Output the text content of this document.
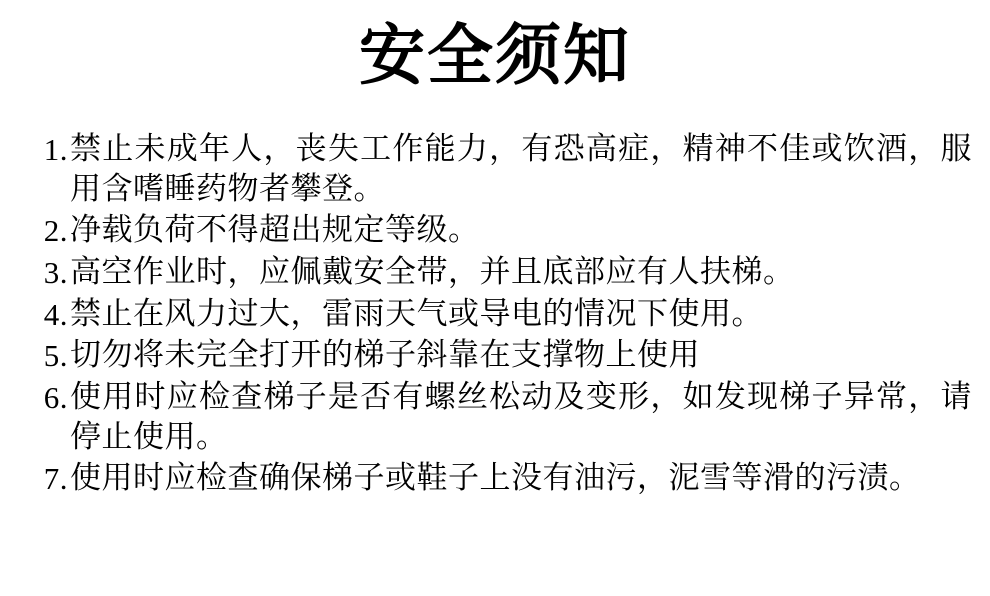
安全须知
1. 禁止未成年人，丧失工作能力，有恐高症，精神不佳或饮酒，服用含嗜睡药物者攀登。
2. 净载负荷不得超出规定等级。
3. 高空作业时，应佩戴安全带，并且底部应有人扶梯。
4. 禁止在风力过大，雷雨天气或导电的情况下使用。
5. 切勿将未完全打开的梯子斜靠在支撑物上使用
6. 使用时应检查梯子是否有螺丝松动及变形，如发现梯子异常，请停止使用。
7. 使用时应检查确保梯子或鞋子上没有油污，泥雪等滑的污渍。
